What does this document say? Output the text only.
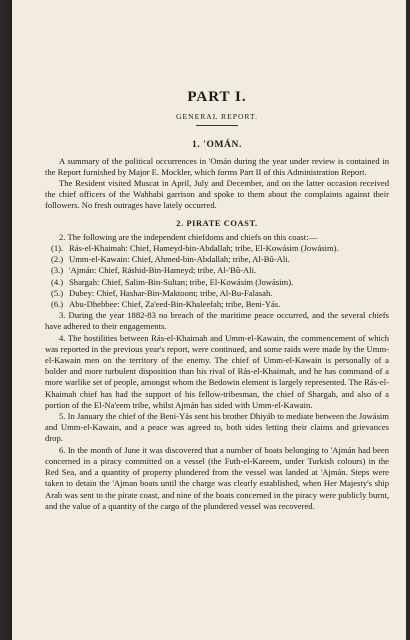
PART I.
GENERAL REPORT.
1. 'OMÁN.

A summary of the political occurrences in 'Omán during the year under review is contained in the Report furnished by Major E. Mockler, which forms Part II of this Administration Report.

The Resident visited Muscat in April, July and December, and on the latter occasion received the chief officers of the Wahhabi garrison and spoke to them about the complaints against their followers. No fresh outrages have lately occurred.

2. PIRATE COAST.

2. The following are the independent chiefdoms and chiefs on this coast:—

(1). Rás-el-Khaimah: Chief, Hameyd-bin-Abdallah; tribe, El-Kowásim (Jowásim).
(2.) Umm-el-Kawain: Chief, Ahmed-bin-Abdallah; tribe, Al-Bû-Ali.
(3.) 'Ajmán: Chief, Ráshid-Bin-Hameyd; tribe, Al-'Bû-Ali.
(4.) Shargah: Chief, Salim-Bin-Sultan; tribe, El-Kowásim (Jowásim).
(5.) Dubey: Chief, Hashar-Bin-Maktoom; tribe, Al-Bu-Falasah.
(6.) Abu-Dhebbee: Chief, Za'eed-Bin-Khaleefah; tribe, Beni-Yás.

3. During the year 1882-83 no breach of the maritime peace occurred, and the several chiefs have adhered to their engagements.

4. The hostilities between Rás-el-Khaimah and Umm-el-Kawain, the commencement of which was reported in the previous year's report, were continued, and some raids were made by the Umm-el-Kawain men on the territory of the enemy. The chief of Umm-el-Kawain is personally of a bolder and more turbulent disposition than his rival of Rás-el-Khaimah, and he has command of a more warlike set of people, amongst whom the Bedowin element is largely represented. The Rás-el-Khaimah chief has had the support of his fellow-tribesman, the chief of Shargah, and also of a portion of the El-Na'eem tribe, whilst Ajmán has sided with Umm-el-Kawain.

5. In January the chief of the Beni-Yás sent his brother Dhiyáb to mediate between the Jowásim and Umm-el-Kawain, and a peace was agreed to, both sides letting their claims and grievances drop.

6. In the month of June it was discovered that a number of boats belonging to 'Ajmán had been concerned in a piracy committed on a vessel (the Futh-el-Kareem, under Turkish colours) in the Red Sea, and a quantity of property plundered from the vessel was landed at 'Ajmán. Steps were taken to detain the 'Ajman boats until the charge was clearly established, when Her Majesty's ship Arab was sent to the pirate coast, and nine of the boats concerned in the piracy were publicly burnt, and the value of a quantity of the cargo of the plundered vessel was recovered.
